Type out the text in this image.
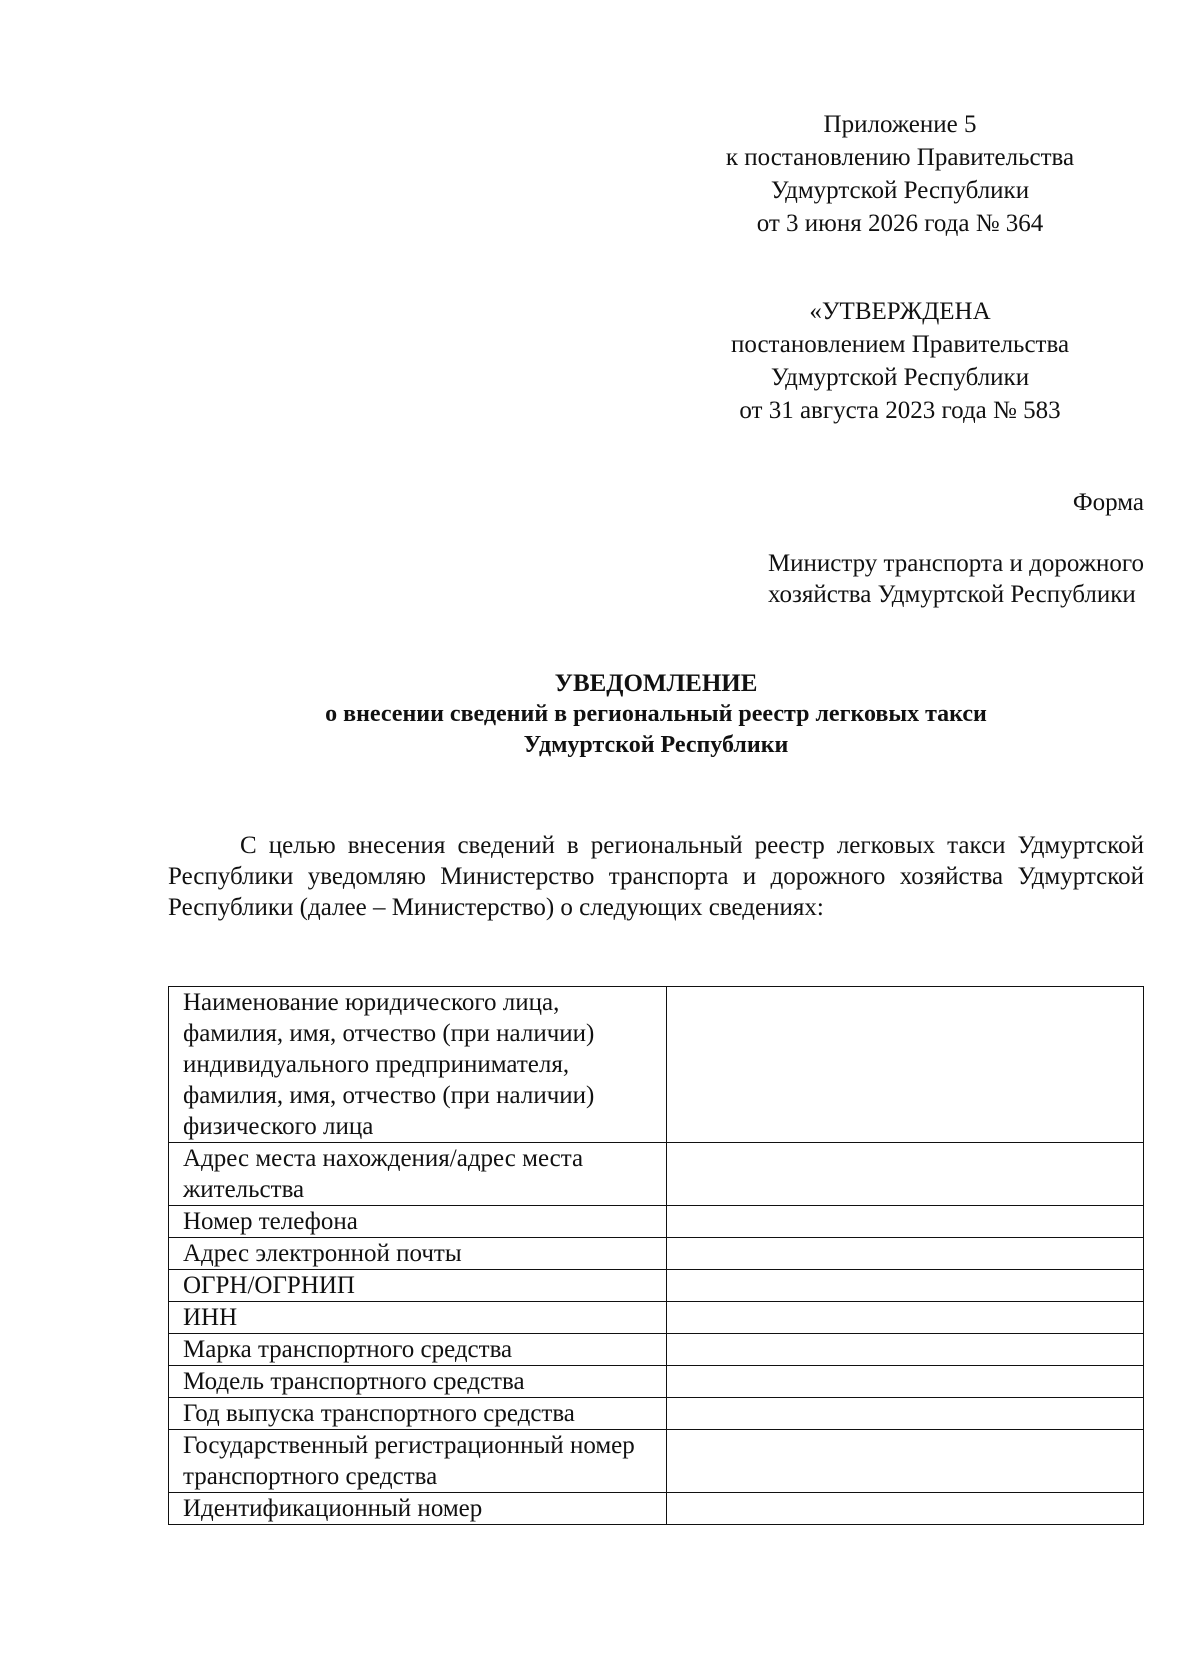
Приложение 5
к постановлению Правительства
Удмуртской Республики
от 3 июня 2026 года № 364
«УТВЕРЖДЕНА
постановлением Правительства
Удмуртской Республики
от 31 августа 2023 года № 583
Форма
Министру транспорта и дорожного
хозяйства Удмуртской Республики
УВЕДОМЛЕНИЕ
о внесении сведений в региональный реестр легковых такси
Удмуртской Республики

С целью внесения сведений в региональный реестр легковых такси Удмуртской Республики уведомляю Министерство транспорта и дорожного хозяйства Удмуртской Республики (далее – Министерство) о следующих сведениях:

Наименование юридического лица, фамилия, имя, отчество (при наличии) индивидуального предпринимателя, фамилия, имя, отчество (при наличии) физического лица	
Адрес места нахождения/адрес места жительства	
Номер телефона	
Адрес электронной почты	
ОГРН/ОГРНИП	
ИНН	
Марка транспортного средства	
Модель транспортного средства	
Год выпуска транспортного средства	
Государственный регистрационный номер транспортного средства	
Идентификационный номер	
